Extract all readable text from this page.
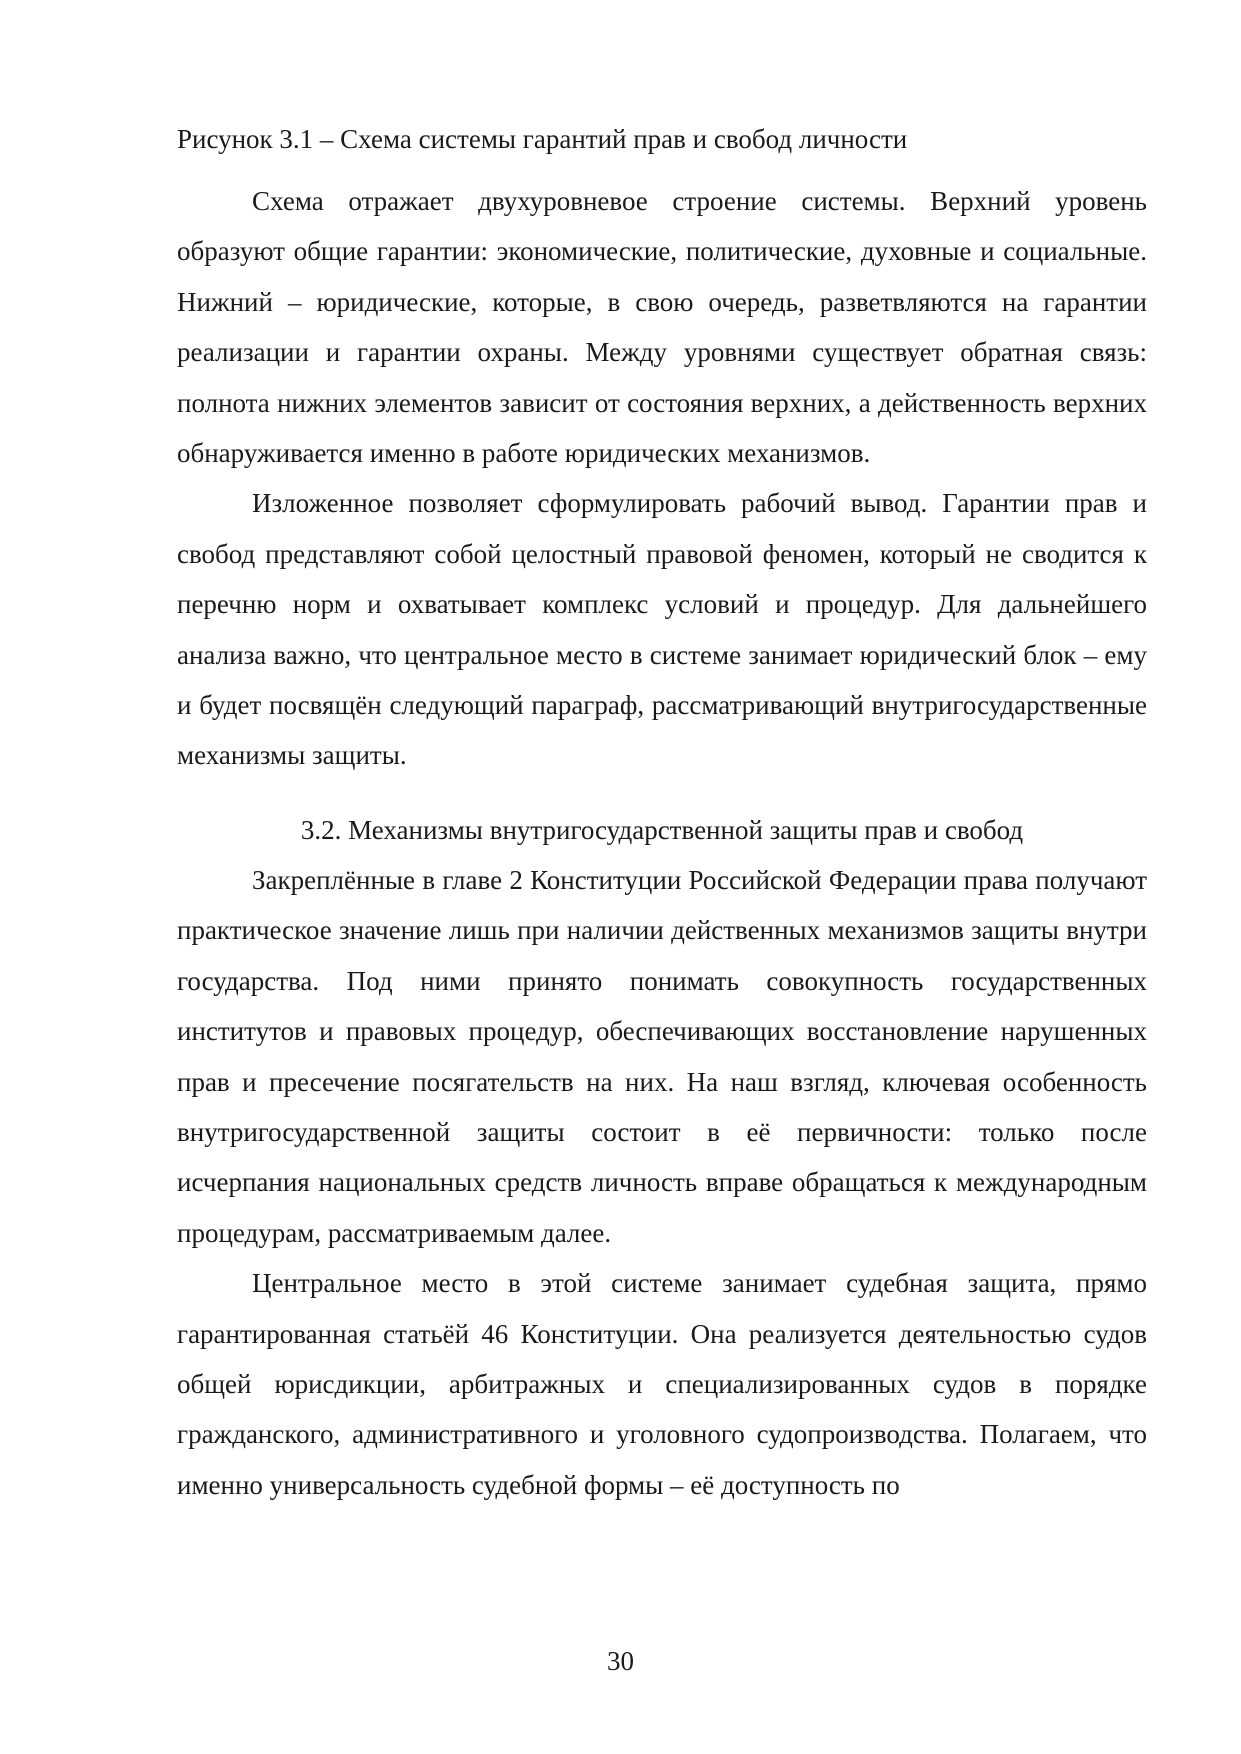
Рисунок 3.1 – Схема системы гарантий прав и свобод личности

Схема отражает двухуровневое строение системы. Верхний уровень образуют общие гарантии: экономические, политические, духовные и социальные. Нижний – юридические, которые, в свою очередь, разветвляются на гарантии реализации и гарантии охраны. Между уровнями существует обратная связь: полнота нижних элементов зависит от состояния верхних, а действенность верхних обнаруживается именно в работе юридических механизмов.

Изложенное позволяет сформулировать рабочий вывод. Гарантии прав и свобод представляют собой целостный правовой феномен, который не сводится к перечню норм и охватывает комплекс условий и процедур. Для дальнейшего анализа важно, что центральное место в системе занимает юридический блок – ему и будет посвящён следующий параграф, рассматривающий внутригосударственные механизмы защиты.

3.2. Механизмы внутригосударственной защиты прав и свобод

Закреплённые в главе 2 Конституции Российской Федерации права получают практическое значение лишь при наличии действенных механизмов защиты внутри государства. Под ними принято понимать совокупность государственных институтов и правовых процедур, обеспечивающих восстановление нарушенных прав и пресечение посягательств на них. На наш взгляд, ключевая особенность внутригосударственной защиты состоит в её первичности: только после исчерпания национальных средств личность вправе обращаться к международным процедурам, рассматриваемым далее.

Центральное место в этой системе занимает судебная защита, прямо гарантированная статьёй 46 Конституции. Она реализуется деятельностью судов общей юрисдикции, арбитражных и специализированных судов в порядке гражданского, административного и уголовного судопроизводства. Полагаем, что именно универсальность судебной формы – её доступность по

30
